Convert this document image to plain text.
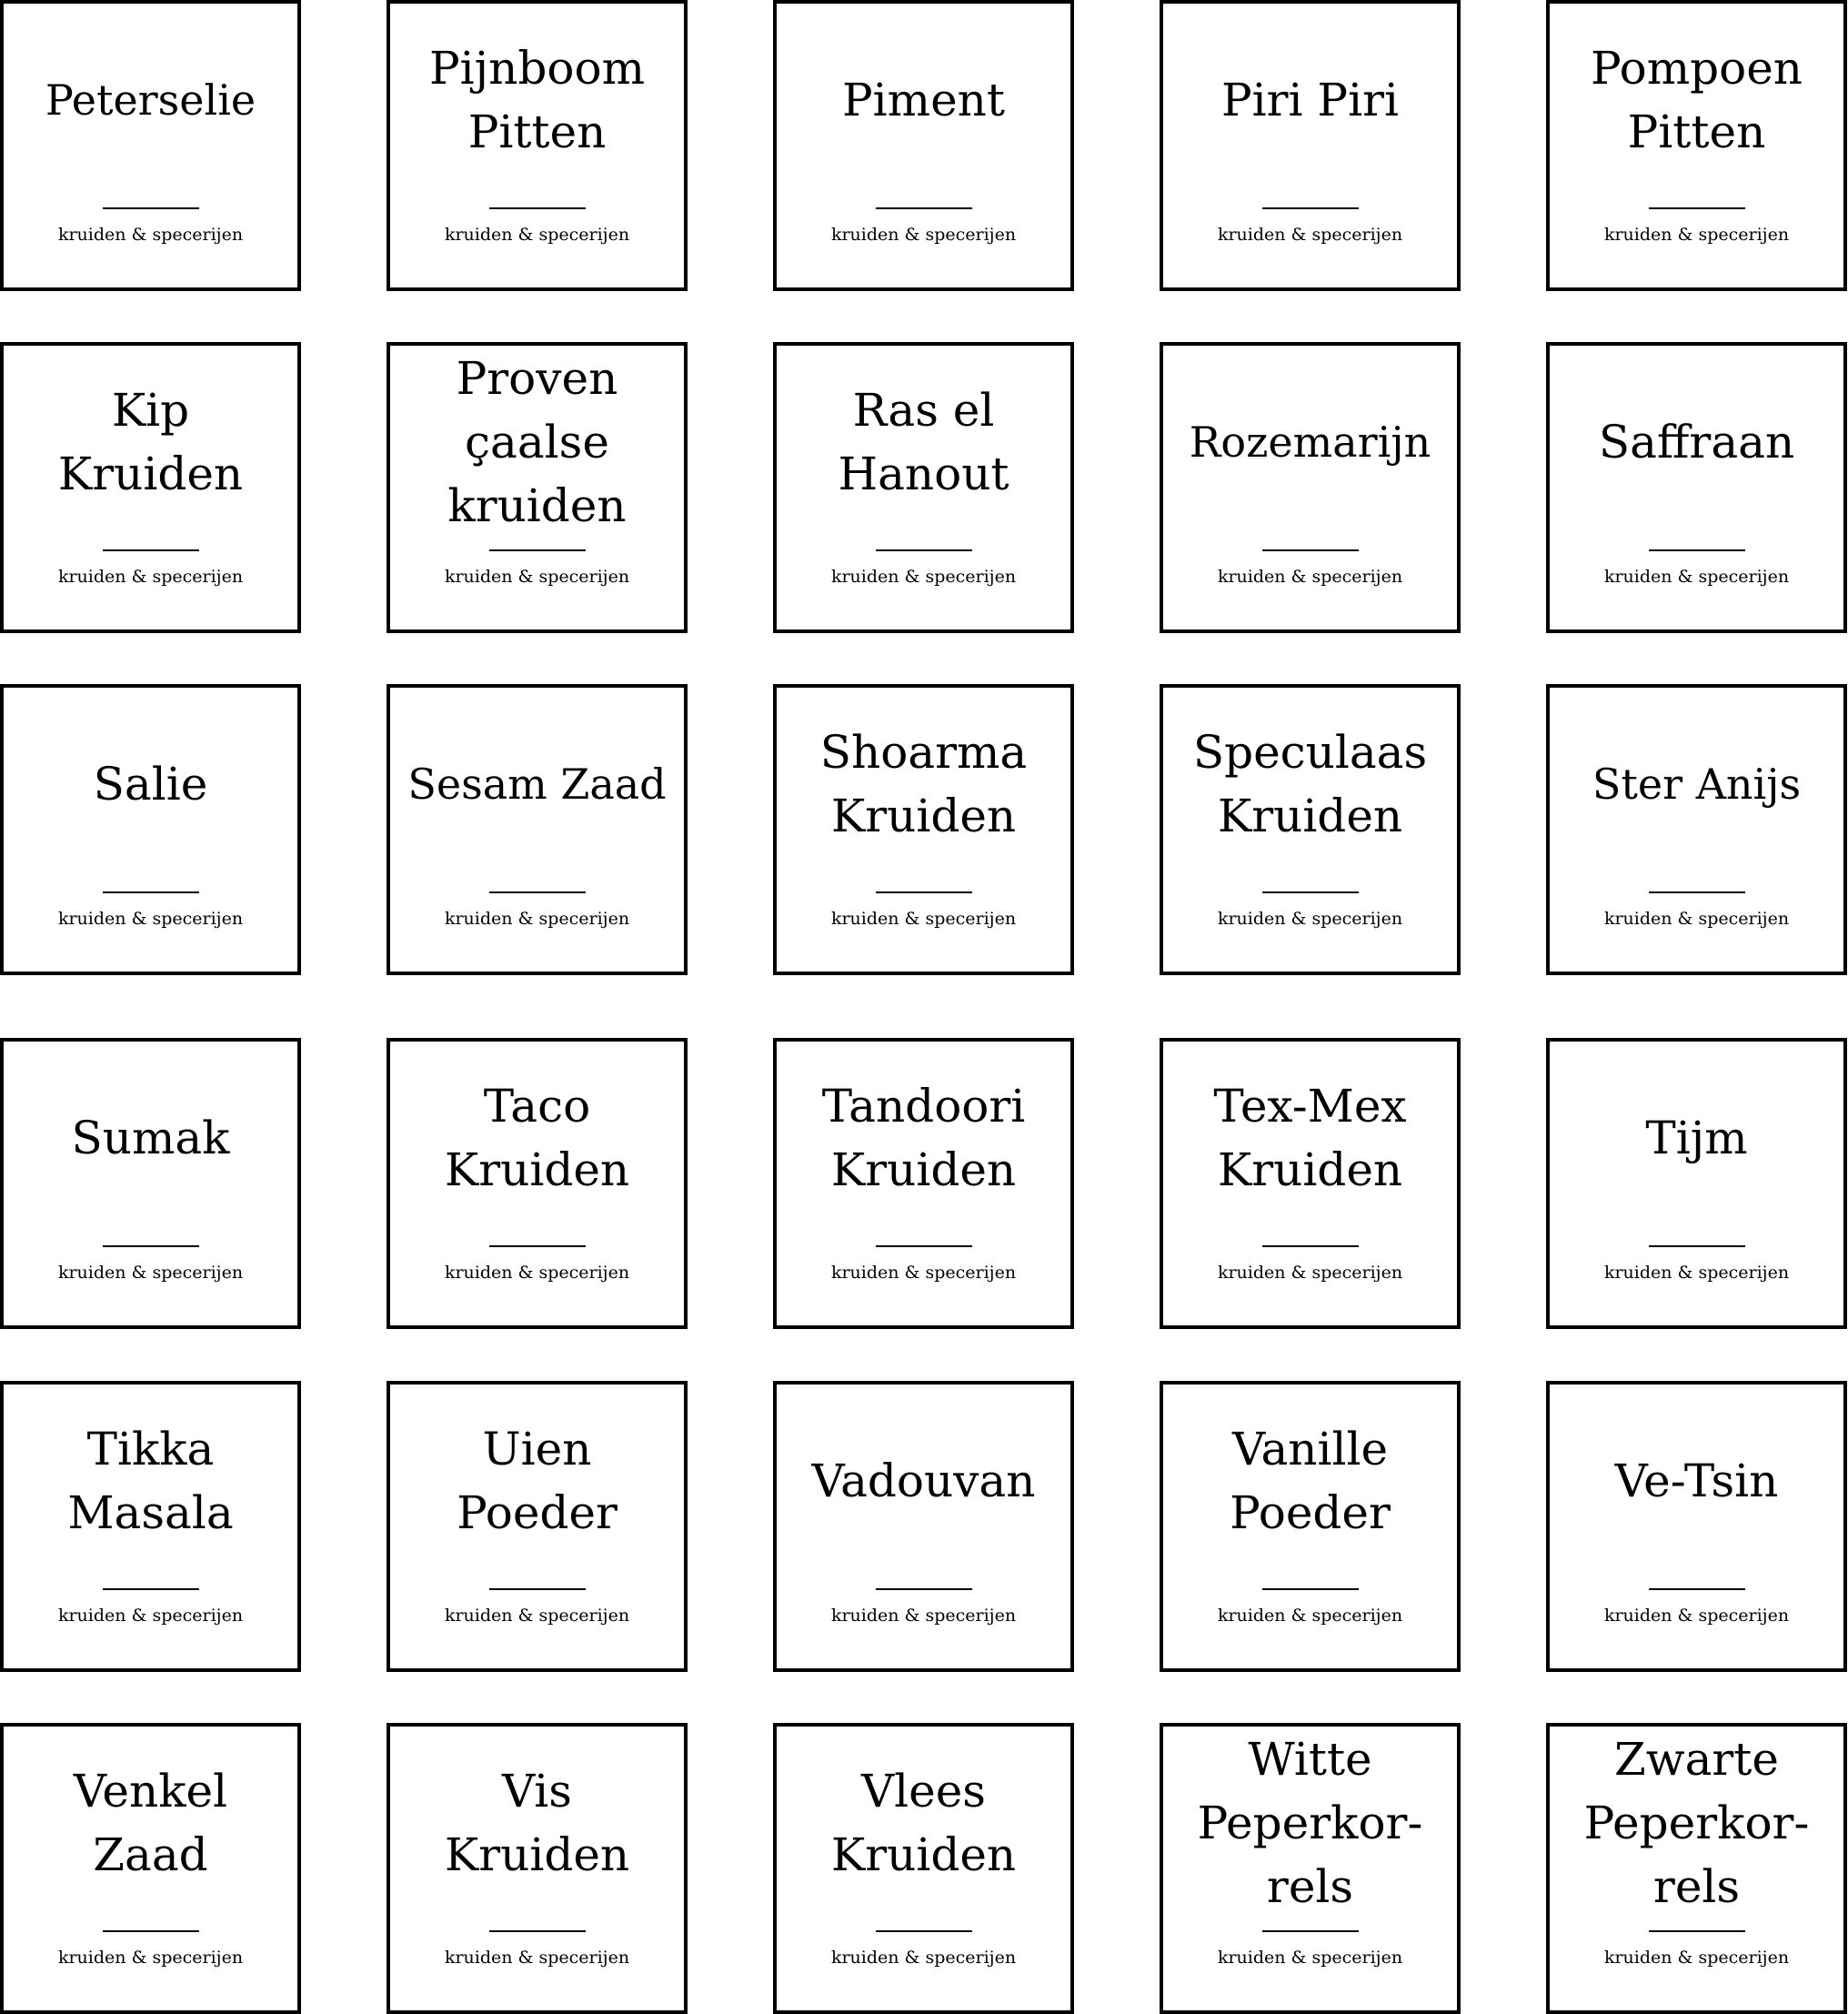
Peterselie
kruiden & specerijen
Pijnboom
Pitten
kruiden & specerijen
Piment
kruiden & specerijen
Piri Piri
kruiden & specerijen
Pompoen
Pitten
kruiden & specerijen
Kip
Kruiden
kruiden & specerijen
Proven
çaalse
kruiden
kruiden & specerijen
Ras el
Hanout
kruiden & specerijen
Rozemarijn
kruiden & specerijen
Saffraan
kruiden & specerijen
Salie
kruiden & specerijen
Sesam Zaad
kruiden & specerijen
Shoarma
Kruiden
kruiden & specerijen
Speculaas
Kruiden
kruiden & specerijen
Ster Anijs
kruiden & specerijen
Sumak
kruiden & specerijen
Taco
Kruiden
kruiden & specerijen
Tandoori
Kruiden
kruiden & specerijen
Tex-Mex
Kruiden
kruiden & specerijen
Tijm
kruiden & specerijen
Tikka
Masala
kruiden & specerijen
Uien
Poeder
kruiden & specerijen
Vadouvan
kruiden & specerijen
Vanille
Poeder
kruiden & specerijen
Ve-Tsin
kruiden & specerijen
Venkel
Zaad
kruiden & specerijen
Vis
Kruiden
kruiden & specerijen
Vlees
Kruiden
kruiden & specerijen
Witte
Peperkor-
rels
kruiden & specerijen
Zwarte
Peperkor-
rels
kruiden & specerijen
